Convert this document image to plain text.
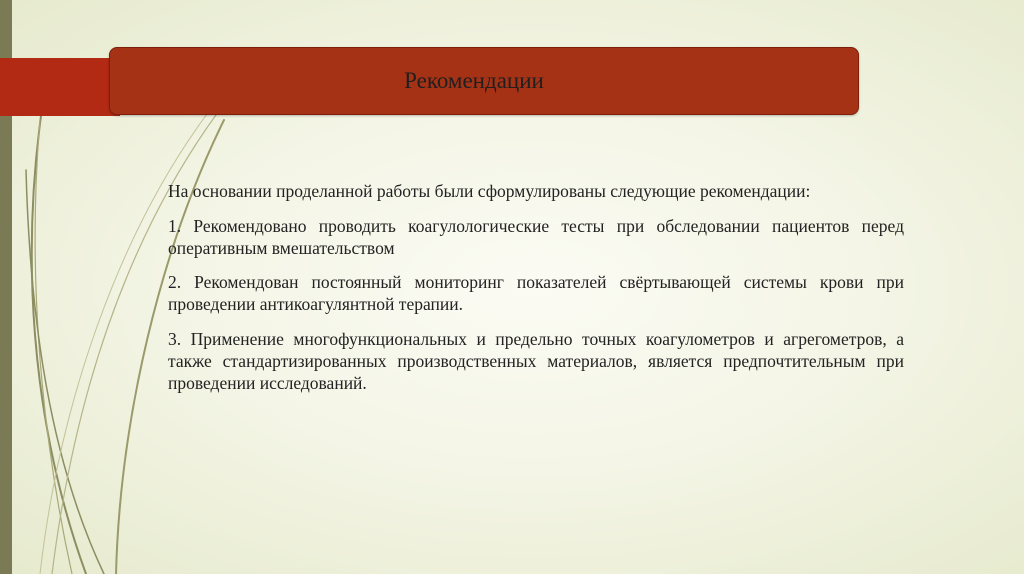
Рекомендации

На основании проделанной работы были сформулированы следующие рекомендации:

1. Рекомендовано проводить коагулологические тесты при обследовании пациентов перед оперативным вмешательством

2. Рекомендован постоянный мониторинг показателей свёртывающей системы крови при проведении антикоагулянтной терапии.

3. Применение многофункциональных и предельно точных коагулометров и агрегометров, а также стандартизированных производственных материалов, является предпочтительным при проведении исследований.
